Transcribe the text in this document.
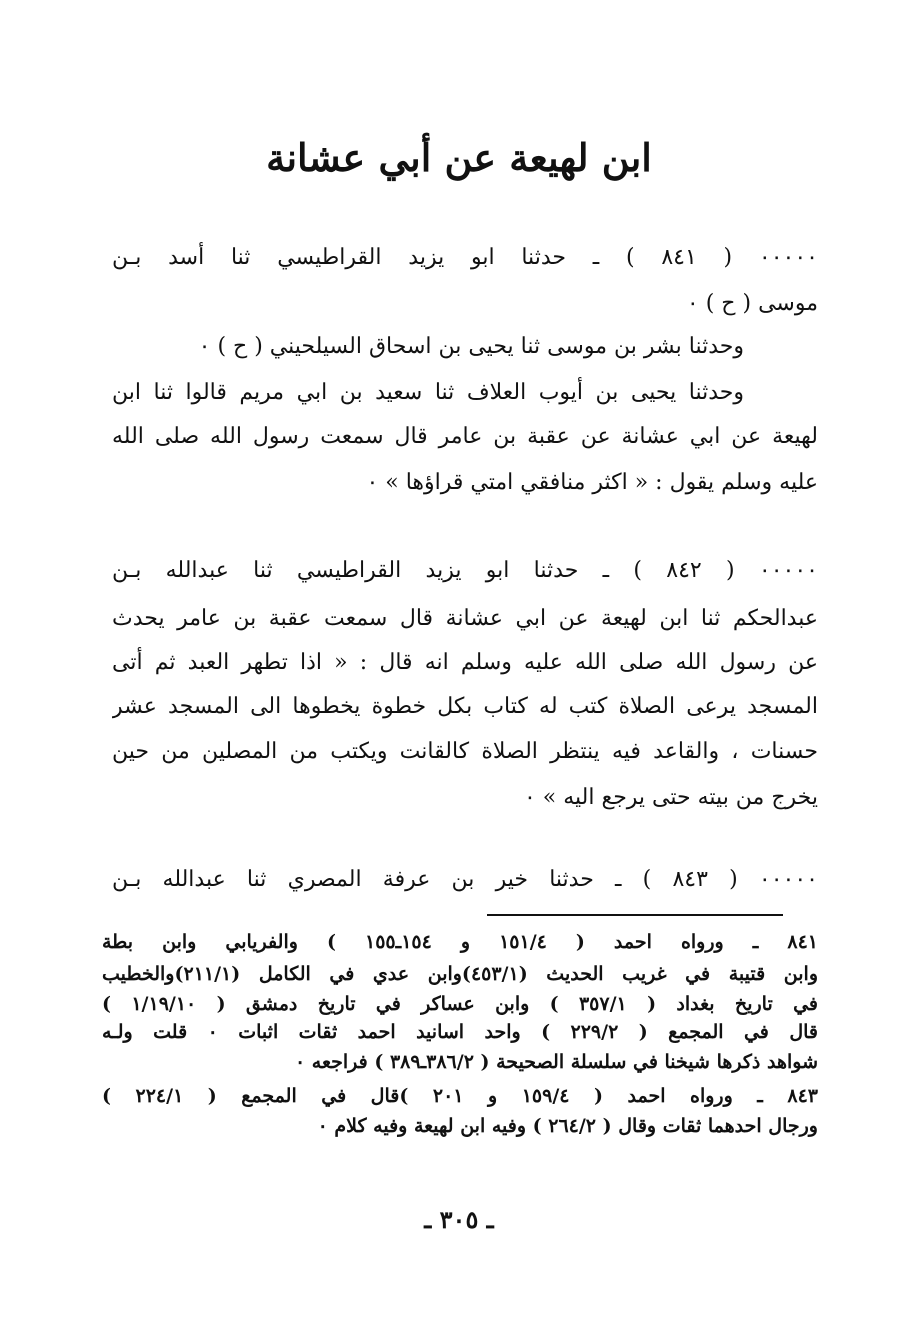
ابن لهيعة عن أبي عشانة
٠٠٠٠٠ ( ٨٤١ ) ـ حدثنا ابو يزيد القراطيسي ثنا أسد بـن
موسى ( ح ) ٠
وحدثنا بشر بن موسى ثنا يحيى بن اسحاق السيلحيني ( ح ) ٠
وحدثنا يحيى بن أيوب العلاف ثنا سعيد بن ابي مريم قالوا ثنا ابن
لهيعة عن ابي عشانة عن عقبة بن عامر قال سمعت رسول الله صلى الله
عليه وسلم يقول : « اكثر منافقي امتي قراؤها » ٠
٠٠٠٠٠ ( ٨٤٢ ) ـ حدثنا ابو يزيد القراطيسي ثنا عبدالله بـن
عبدالحكم ثنا ابن لهيعة عن ابي عشانة قال سمعت عقبة بن عامر يحدث
عن رسول الله صلى الله عليه وسلم انه قال : « اذا تطهر العبد ثم أتى
المسجد يرعى الصلاة كتب له كتاب بكل خطوة يخطوها الى المسجد عشر
حسنات ، والقاعد فيه ينتظر الصلاة كالقانت ويكتب من المصلين من حين
يخرج من بيته حتى يرجع اليه » ٠
٠٠٠٠٠ ( ٨٤٣ ) ـ حدثنا خير بن عرفة المصري ثنا عبدالله بـن
٨٤١ ـ ورواه احمد ( ١٥١/٤ و ١٥٤ـ١٥٥ ) والفريابي وابن بطة
وابن قتيبة في غريب الحديث (٤٥٣/١)وابن عدي في الكامل (٢١١/١)والخطيب
في تاريخ بغداد ( ٣٥٧/١ ) وابن عساكر في تاريخ دمشق ( ١/١٩/١٠ )
قال في المجمع ( ٢٢٩/٢ ) واحد اسانيد احمد ثقات اثبات ٠ قلت ولـه
شواهد ذكرها شيخنا في سلسلة الصحيحة ( ٣٨٦/٢ـ٣٨٩ ) فراجعه ٠
٨٤٣ ـ ورواه احمد ( ١٥٩/٤ و ٢٠١ )قال في المجمع ( ٢٢٤/١ )
ورجال احدهما ثقات وقال ( ٢٦٤/٢ ) وفيه ابن لهيعة وفيه كلام ٠
ـ ٣٠٥ ـ
